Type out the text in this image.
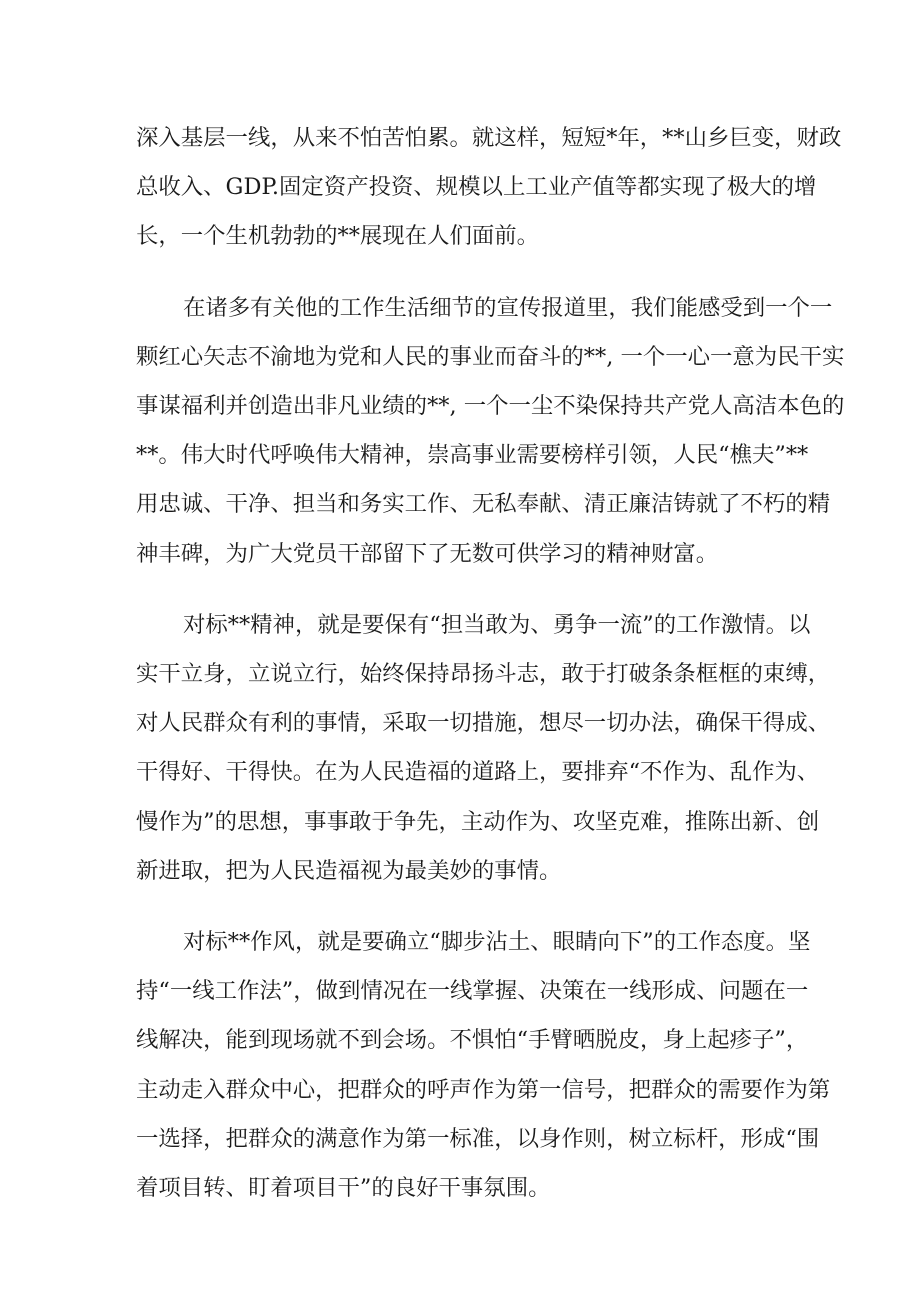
深入基层一线，从来不怕苦怕累。就这样，短短*年，**山乡巨变，财政
总收入、GDP.固定资产投资、规模以上工业产值等都实现了极大的增
长，一个生机勃勃的**展现在人们面前。
在诸多有关他的工作生活细节的宣传报道里，我们能感受到一个一
颗红心矢志不渝地为党和人民的事业而奋斗的**, 一个一心一意为民干实
事谋福利并创造出非凡业绩的**, 一个一尘不染保持共产党人高洁本色的
**。伟大时代呼唤伟大精神，崇高事业需要榜样引领，人民“樵夫”**
用忠诚、干净、担当和务实工作、无私奉献、清正廉洁铸就了不朽的精
神丰碑，为广大党员干部留下了无数可供学习的精神财富。
对标**精神，就是要保有“担当敢为、勇争一流”的工作激情。以
实干立身，立说立行，始终保持昂扬斗志，敢于打破条条框框的束缚，
对人民群众有利的事情，采取一切措施，想尽一切办法，确保干得成、
干得好、干得快。在为人民造福的道路上，要排弃“不作为、乱作为、
慢作为”的思想，事事敢于争先，主动作为、攻坚克难，推陈出新、创
新进取，把为人民造福视为最美妙的事情。
对标**作风，就是要确立“脚步沾土、眼睛向下”的工作态度。坚
持“一线工作法”，做到情况在一线掌握、决策在一线形成、问题在一
线解决，能到现场就不到会场。不惧怕“手臂晒脱皮，身上起疹子”，
主动走入群众中心，把群众的呼声作为第一信号，把群众的需要作为第
一选择，把群众的满意作为第一标准，以身作则，树立标杆，形成“围
着项目转、盯着项目干”的良好干事氛围。
